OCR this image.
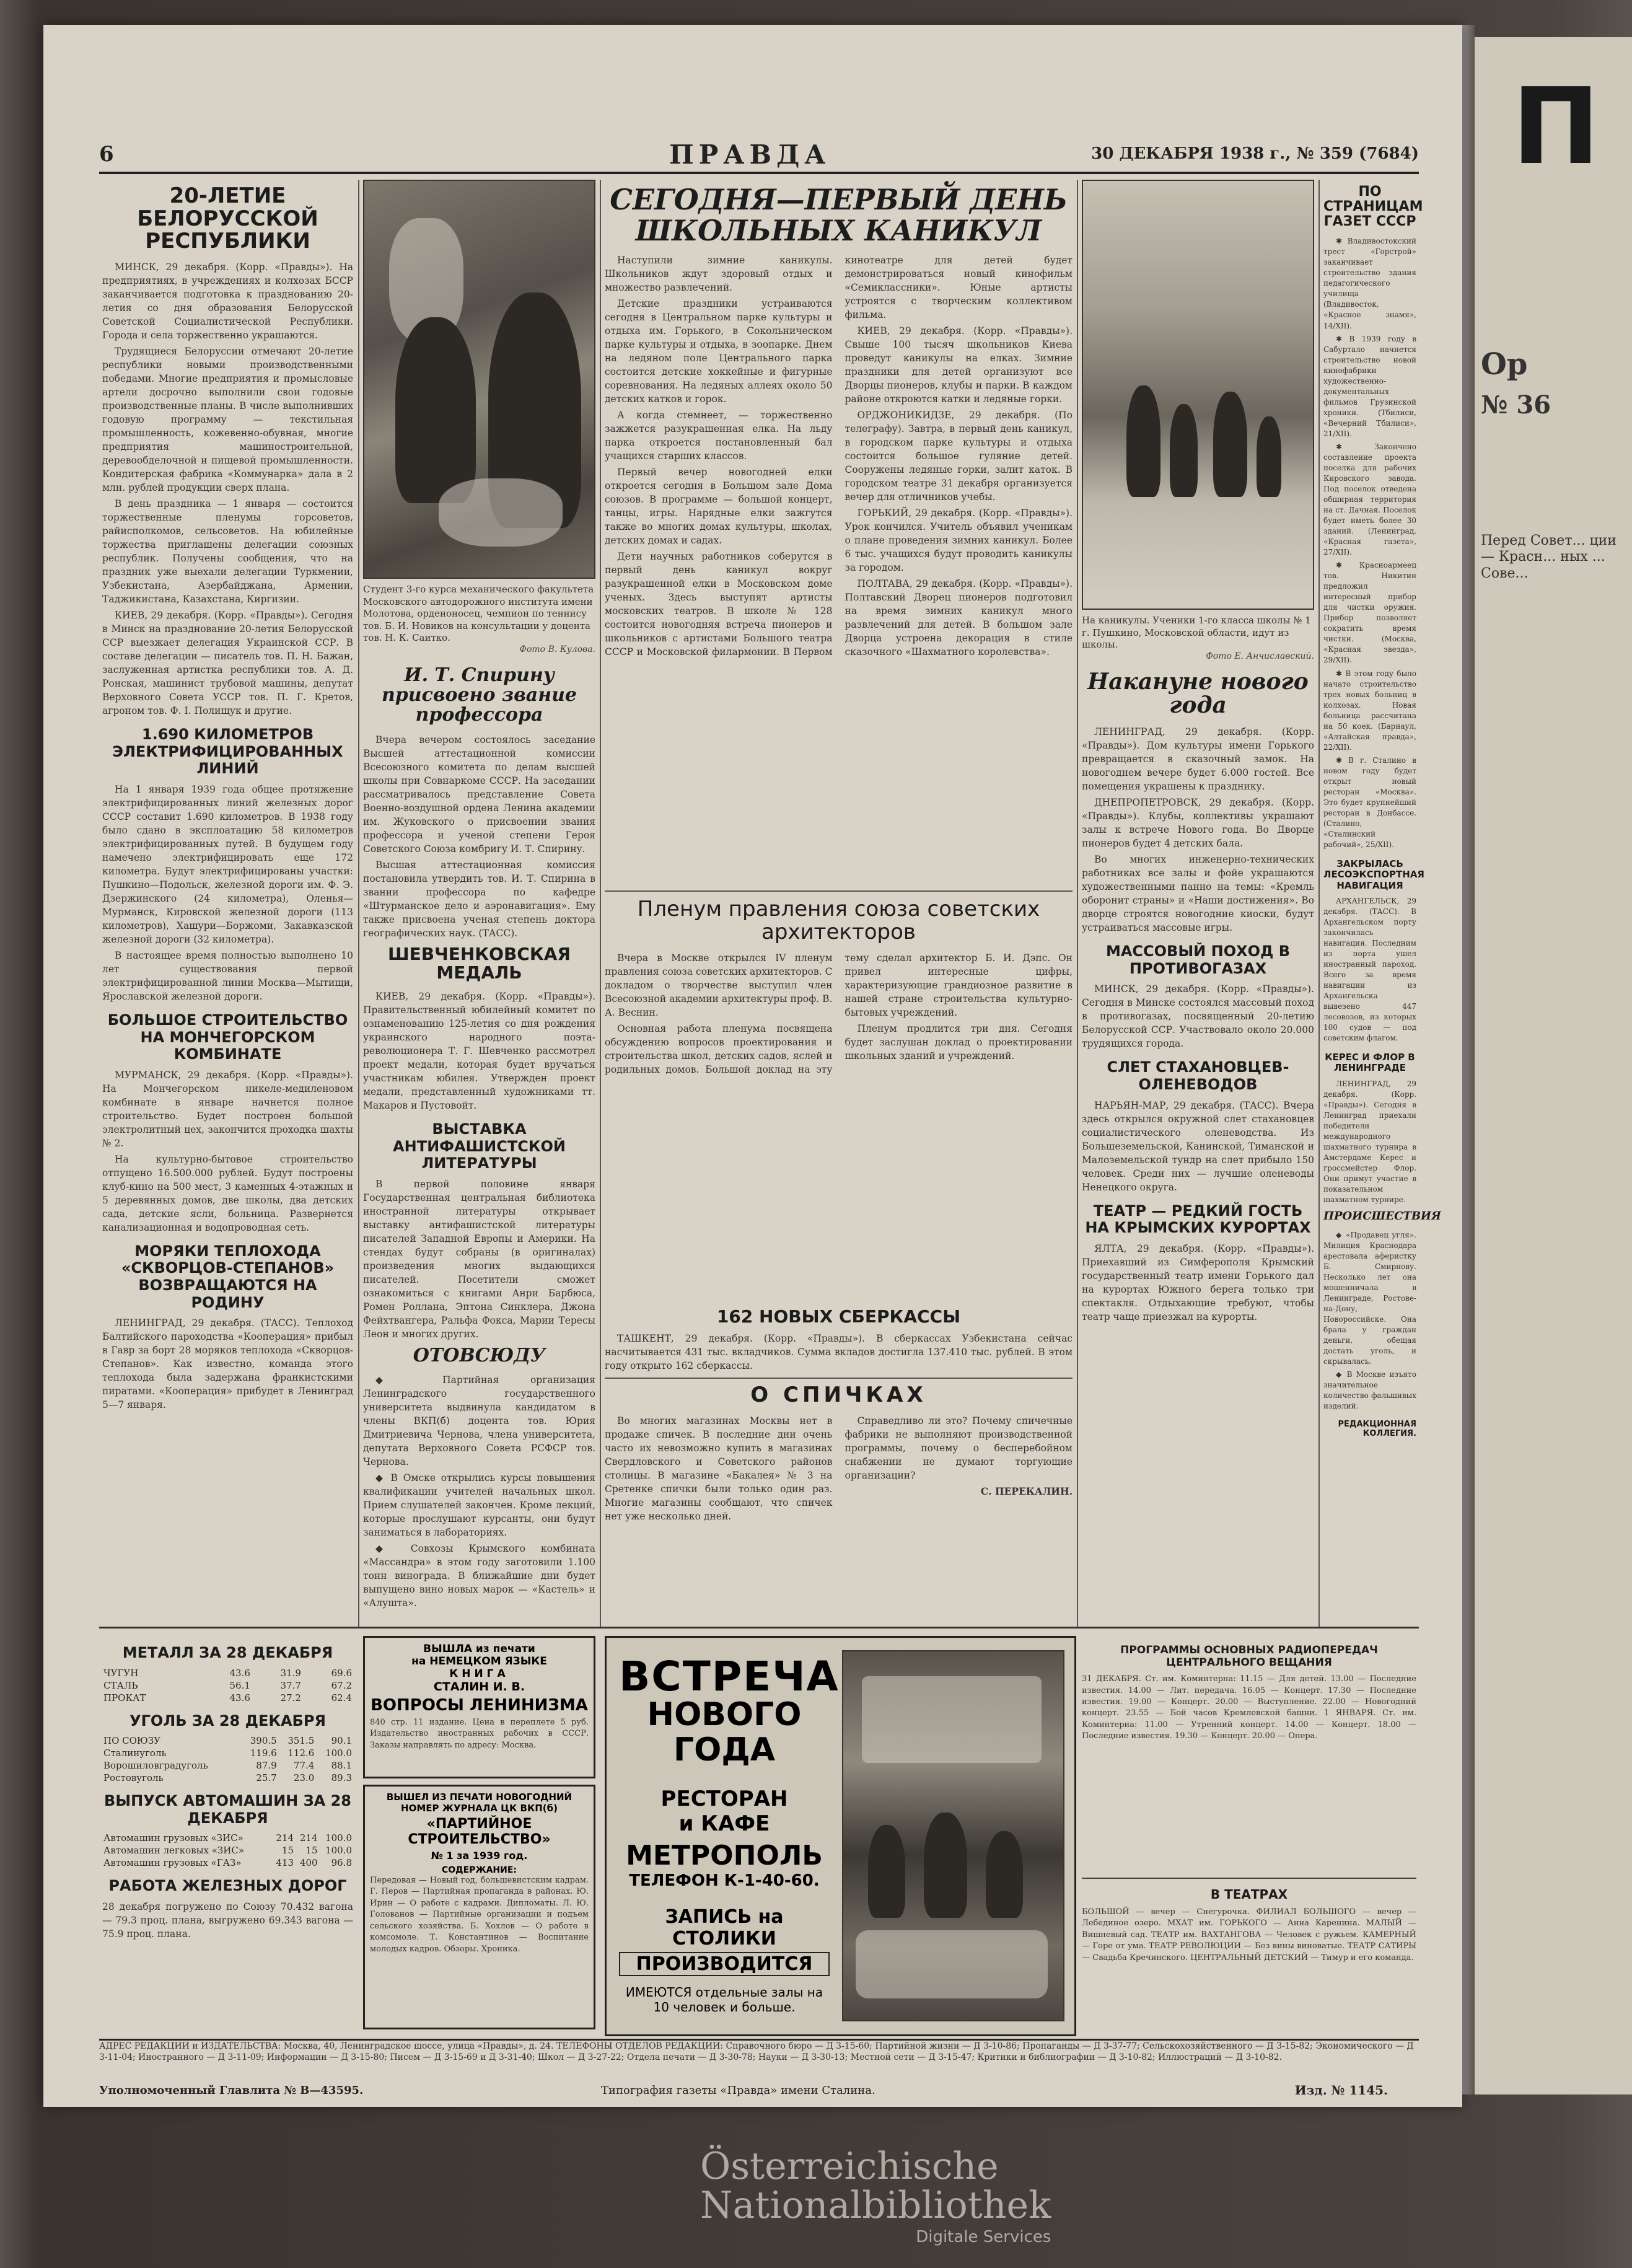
П
Ор
№ 36
Перед Совет... ции — Красн... ных ... Сове...
6	ПРАВДА	30 ДЕКАБРЯ 1938 г., № 359 (7684)
20-ЛЕТИЕ БЕЛОРУССКОЙ РЕСПУБЛИКИ

МИНСК, 29 декабря. (Корр. «Правды»). На предприятиях, в учреждениях и колхозах БССР заканчивается подготовка к празднованию 20-летия со дня образования Белорусской Советской Социалистической Республики. Города и села торжественно украшаются.

Трудящиеся Белоруссии отмечают 20-летие республики новыми производственными победами. Многие предприятия и промысловые артели досрочно выполнили свои годовые производственные планы. В числе выполнивших годовую программу — текстильная промышленность, кожевенно-обувная, многие предприятия машиностроительной, деревообделочной и пищевой промышленности. Кондитерская фабрика «Коммунарка» дала в 2 млн. рублей продукции сверх плана.

В день праздника — 1 января — состоится торжественные пленумы горсоветов, райисполкомов, сельсоветов. На юбилейные торжества приглашены делегации союзных республик. Получены сообщения, что на праздник уже выехали делегации Туркмении, Узбекистана, Азербайджана, Армении, Таджикистана, Казахстана, Киргизии.

КИЕВ, 29 декабря. (Корр. «Правды»). Сегодня в Минск на празднование 20-летия Белорусской ССР выезжает делегация Украинской ССР. В составе делегации — писатель тов. П. Н. Бажан, заслуженная артистка республики тов. А. Д. Ронская, машинист трубовой машины, депутат Верховного Совета УССР тов. П. Г. Кретов, агроном тов. Ф. І. Полищук и другие.

1.690 КИЛОМЕТРОВ ЭЛЕКТРИФИЦИРОВАННЫХ ЛИНИЙ

На 1 января 1939 года общее протяжение электрифицированных линий железных дорог СССР составит 1.690 километров. В 1938 году было сдано в эксплоатацию 58 километров электрифицированных путей. В будущем году намечено электрифицировать еще 172 километра. Будут электрифицированы участки: Пушкино—Подольск, железной дороги им. Ф. Э. Дзержинского (24 километра), Оленья—Мурманск, Кировской железной дороги (113 километров), Хашури—Боржоми, Закавказской железной дороги (32 километра).

В настоящее время полностью выполнено 10 лет существования первой электрифицированной линии Москва—Мытищи, Ярославской железной дороги.

БОЛЬШОЕ СТРОИТЕЛЬСТВО НА МОНЧЕГОРСКОМ КОМБИНАТЕ

МУРМАНСК, 29 декабря. (Корр. «Правды»). На Мончегорском никеле-медиленовом комбинате в январе начнется полное строительство. Будет построен большой электролитный цех, закончится проходка шахты № 2.

На культурно-бытовое строительство отпущено 16.500.000 рублей. Будут построены клуб-кино на 500 мест, 3 каменных 4-этажных и 5 деревянных домов, две школы, два детских сада, детские ясли, больница. Развернется канализационная и водопроводная сеть.

МОРЯКИ ТЕПЛОХОДА «СКВОРЦОВ-СТЕПАНОВ» ВОЗВРАЩАЮТСЯ НА РОДИНУ

ЛЕНИНГРАД, 29 декабря. (ТАСС). Теплоход Балтийского пароходства «Кооперация» прибыл в Гавр за борт 28 моряков теплохода «Скворцов-Степанов». Как известно, команда этого теплохода была задержана франкистскими пиратами. «Кооперация» прибудет в Ленинград 5—7 января.

МЕТАЛЛ ЗА 28 ДЕКАБРЯ
ЧУГУН	43.6	31.9	69.6
СТАЛЬ	56.1	37.7	67.2
ПРОКАТ	43.6	27.2	62.4
УГОЛЬ ЗА 28 ДЕКАБРЯ
ПО СОЮЗУ	390.5	351.5	90.1
Сталинуголь	119.6	112.6	100.0
Ворошиловградуголь	87.9	77.4	88.1
Ростовуголь	25.7	23.0	89.3
ВЫПУСК АВТОМАШИН ЗА 28 ДЕКАБРЯ
Автомашин грузовых «ЗИС»	214	214	100.0
Автомашин легковых «ЗИС»	15	15	100.0
Автомашин грузовых «ГАЗ»	413	400	96.8
РАБОТА ЖЕЛЕЗНЫХ ДОРОГ
28 декабря погружено по Союзу 70.432 вагона — 79.3 проц. плана, выгружено 69.343 вагона — 75.9 проц. плана.
Студент 3-го курса механического факультета Московского автодорожного института имени Молотова, орденоносец, чемпион по теннису тов. Б. И. Новиков на консультации у доцента тов. Н. К. Саитко.
Фото В. Кулова.
И. Т. Спирину присвоено звание профессора

Вчера вечером состоялось заседание Высшей аттестационной комиссии Всесоюзного комитета по делам высшей школы при Совнаркоме СССР. На заседании рассматривалось представление Совета Военно-воздушной ордена Ленина академии им. Жуковского о присвоении звания профессора и ученой степени Героя Советского Союза комбригу И. Т. Спирину.

Высшая аттестационная комиссия постановила утвердить тов. И. Т. Спирина в звании профессора по кафедре «Штурманское дело и аэронавигация». Ему также присвоена ученая степень доктора географических наук. (ТАСС).

ШЕВЧЕНКОВСКАЯ МЕДАЛЬ

КИЕВ, 29 декабря. (Корр. «Правды»). Правительственный юбилейный комитет по ознаменованию 125-летия со дня рождения украинского народного поэта-революционера Т. Г. Шевченко рассмотрел проект медали, которая будет вручаться участникам юбилея. Утвержден проект медали, представленный художниками тт. Макаров и Пустовойт.

ВЫСТАВКА АНТИФАШИСТСКОЙ ЛИТЕРАТУРЫ

В первой половине января Государственная центральная библиотека иностранной литературы открывает выставку антифашистской литературы писателей Западной Европы и Америки. На стендах будут собраны (в оригиналах) произведения многих выдающихся писателей. Посетители сможет ознакомиться с книгами Анри Барбюса, Ромен Роллана, Эптона Синклера, Джона Фейхтвангера, Ральфа Фокса, Марии Тересы Леон и многих других.

ОТОВСЮДУ

◆ Партийная организация Ленинградского государственного университета выдвинула кандидатом в члены ВКП(б) доцента тов. Юрия Дмитриевича Чернова, члена университета, депутата Верховного Совета РСФСР тов. Чернова.

◆ В Омске открылись курсы повышения квалификации учителей начальных школ. Прием слушателей закончен. Кроме лекций, которые прослушают курсанты, они будут заниматься в лабораториях.

◆ Совхозы Крымского комбината «Массандра» в этом году заготовили 1.100 тонн винограда. В ближайшие дни будет выпущено вино новых марок — «Кастель» и «Алушта».

СЕГОДНЯ—ПЕРВЫЙ ДЕНЬ ШКОЛЬНЫХ КАНИКУЛ

Наступили зимние каникулы. Школьников ждут здоровый отдых и множество развлечений.

Детские праздники устраиваются сегодня в Центральном парке культуры и отдыха им. Горького, в Сокольническом парке культуры и отдыха, в зоопарке. Днем на ледяном поле Центрального парка состоится детские хоккейные и фигурные соревнования. На ледяных аллеях около 50 детских катков и горок.

А когда стемнеет, — торжественно зажжется разукрашенная елка. На льду парка откроется постановленный бал учащихся старших классов.

Первый вечер новогодней елки откроется сегодня в Большом зале Дома союзов. В программе — большой концерт, танцы, игры. Нарядные елки зажгутся также во многих домах культуры, школах, детских домах и садах.

Дети научных работников соберутся в первый день каникул вокруг разукрашенной елки в Московском доме ученых. Здесь выступят артисты московских театров. В школе № 128 состоится новогодняя встреча пионеров и школьников с артистами Большого театра СССР и Московской филармонии. В Первом кинотеатре для детей будет демонстрироваться новый кинофильм «Семиклассники». Юные артисты устроятся с творческим коллективом фильма.

КИЕВ, 29 декабря. (Корр. «Правды»). Свыше 100 тысяч школьников Киева проведут каникулы на елках. Зимние праздники для детей организуют все Дворцы пионеров, клубы и парки. В каждом районе откроются катки и ледяные горки.

ОРДЖОНИКИДЗЕ, 29 декабря. (По телеграфу). Завтра, в первый день каникул, в городском парке культуры и отдыха состоится большое гуляние детей. Сооружены ледяные горки, залит каток. В городском театре 31 декабря организуется вечер для отличников учебы.

ГОРЬКИЙ, 29 декабря. (Корр. «Правды»). Урок кончился. Учитель объявил ученикам о плане проведения зимних каникул. Более 6 тыс. учащихся будут проводить каникулы за городом.

ПОЛТАВА, 29 декабря. (Корр. «Правды»). Полтавский Дворец пионеров подготовил на время зимних каникул много развлечений для детей. В большом зале Дворца устроена декорация в стиле сказочного «Шахматного королевства».

Пленум правления союза советских архитекторов

Вчера в Москве открылся IV пленум правления союза советских архитекторов. С докладом о творчестве выступил член Всесоюзной академии архитектуры проф. В. А. Веснин.

Основная работа пленума посвящена обсуждению вопросов проектирования и строительства школ, детских садов, яслей и родильных домов. Большой доклад на эту тему сделал архитектор Б. И. Дэпс. Он привел интересные цифры, характеризующие грандиозное развитие в нашей стране строительства культурно-бытовых учреждений.

Пленум продлится три дня. Сегодня будет заслушан доклад о проектировании школьных зданий и учреждений.

162 НОВЫХ СБЕРКАССЫ

ТАШКЕНТ, 29 декабря. (Корр. «Правды»). В сберкассах Узбекистана сейчас насчитывается 431 тыс. вкладчиков. Сумма вкладов достигла 137.410 тыс. рублей. В этом году открыто 162 сберкассы.

О СПИЧКАХ

Во многих магазинах Москвы нет в продаже спичек. В последние дни очень часто их невозможно купить в магазинах Свердловского и Советского районов столицы. В магазине «Бакалея» № 3 на Сретенке спички были только один раз. Многие магазины сообщают, что спичек нет уже несколько дней.

Справедливо ли это? Почему спичечные фабрики не выполняют производственной программы, почему о бесперебойном снабжении не думают торгующие организации?

С. ПЕРЕКАЛИН.

На каникулы. Ученики 1-го класса школы № 1 г. Пушкино, Московской области, идут из школы.
Фото Е. Анчиславский.
Накануне нового года

ЛЕНИНГРАД, 29 декабря. (Корр. «Правды»). Дом культуры имени Горького превращается в сказочный замок. На новогоднем вечере будет 6.000 гостей. Все помещения украшены к празднику.

ДНЕПРОПЕТРОВСК, 29 декабря. (Корр. «Правды»). Клубы, коллективы украшают залы к встрече Нового года. Во Дворце пионеров будет 4 детских бала.

Во многих инженерно-технических работниках все залы и фойе украшаются художественными панно на темы: «Кремль оборонит страны» и «Наши достижения». Во дворце строятся новогодние киоски, будут устраиваться массовые игры.

МАССОВЫЙ ПОХОД В ПРОТИВОГАЗАХ

МИНСК, 29 декабря. (Корр. «Правды»). Сегодня в Минске состоялся массовый поход в противогазах, посвященный 20-летию Белорусской ССР. Участвовало около 20.000 трудящихся города.

СЛЕТ СТАХАНОВЦЕВ-ОЛЕНЕВОДОВ

НАРЬЯН-МАР, 29 декабря. (ТАСС). Вчера здесь открылся окружной слет стахановцев социалистического оленеводства. Из Большеземельской, Канинской, Тиманской и Малоземельской тундр на слет прибыло 150 человек. Среди них — лучшие оленеводы Ненецкого округа.

ТЕАТР — РЕДКИЙ ГОСТЬ НА КРЫМСКИХ КУРОРТАХ

ЯЛТА, 29 декабря. (Корр. «Правды»). Приехавший из Симферополя Крымский государственный театр имени Горького дал на курортах Южного берега только три спектакля. Отдыхающие требуют, чтобы театр чаще приезжал на курорты.

ПО СТРАНИЦАМ ГАЗЕТ СССР

✱ Владивостокский трест «Горстрой» заканчивает строительство здания педагогического училища (Владивосток, «Красное знамя», 14/XII).

✱ В 1939 году в Сабуртало начнется строительство новой кинофабрики художественно-документальных фильмов Грузинской хроники. (Тбилиси, «Вечерний Тбилиси», 21/XII).

✱ Закончено составление проекта поселка для рабочих Кировского завода. Под поселок отведена обширная территория на ст. Дачная. Поселок будет иметь более 30 зданий. (Ленинград, «Красная газета», 27/XII).

✱ Красноармеец тов. Никитин предложил интересный прибор для чистки оружия. Прибор позволяет сократить время чистки. (Москва, «Красная звезда», 29/XII).

✱ В этом году было начато строительство трех новых больниц в колхозах. Новая больница рассчитана на 50 коек. (Барнаул, «Алтайская правда», 22/XII).

✱ В г. Сталино в новом году будет открыт новый ресторан «Москва». Это будет крупнейший ресторан в Донбассе. (Сталино, «Сталинский рабочий», 25/XII).

ЗАКРЫЛАСЬ ЛЕСОЭКСПОРТНАЯ НАВИГАЦИЯ

АРХАНГЕЛЬСК, 29 декабря. (ТАСС). В Архангельском порту закончилась навигация. Последним из порта ушел иностранный пароход. Всего за время навигации из Архангельска вывезено 447 лесовозов, из которых 100 судов — под советским флагом.

КЕРЕС И ФЛОР В ЛЕНИНГРАДЕ

ЛЕНИНГРАД, 29 декабря. (Корр. «Правды»). Сегодня в Ленинград приехали победители международного шахматного турнира в Амстердаме Керес и гроссмейстер Флор. Они примут участие в показательном шахматном турнире.

ПРОИСШЕСТВИЯ

◆ «Продавец угля». Милиция Краснодара арестовала аферистку Б. Смирнову. Несколько лет она мошенничала в Ленинграде, Ростове-на-Дону, Новороссийске. Она брала у граждан деньги, обещая достать уголь, и скрывалась.

◆ В Москве изъято значительное количество фальшивых изделий.

РЕДАКЦИОННАЯ КОЛЛЕГИЯ.
ВЫШЛА из печати
на НЕМЕЦКОМ ЯЗЫКЕ
КНИГА
СТАЛИН И. В.
ВОПРОСЫ ЛЕНИНИЗМА
840 стр. 11 издание. Цена в переплете 5 руб. Издательство иностранных рабочих в СССР. Заказы направлять по адресу: Москва.
ВЫШЕЛ ИЗ ПЕЧАТИ НОВОГОДНИЙ НОМЕР ЖУРНАЛА ЦК ВКП(б)
«ПАРТИЙНОЕ СТРОИТЕЛЬСТВО»
№ 1 за 1939 год.
СОДЕРЖАНИЕ:
Передовая — Новый год, большевистским кадрам. Г. Перов — Партийная пропаганда в районах. Ю. Ирин — О работе с кадрами. Дипломаты. Л. Ю. Голованов — Партийные организации и подъем сельского хозяйства. Б. Хохлов — О работе в комсомоле. Т. Константинов — Воспитание молодых кадров. Обзоры. Хроника.
ВСТРЕЧА
НОВОГО ГОДА
РЕСТОРАН
и КАФЕ
МЕТРОПОЛЬ
ТЕЛЕФОН К-1-40-60.
ЗАПИСЬ на СТОЛИКИ
ПРОИЗВОДИТСЯ
ИМЕЮТСЯ отдельные залы на 10 человек и больше.
ПРОГРАММЫ ОСНОВНЫХ РАДИОПЕРЕДАЧ ЦЕНТРАЛЬНОГО ВЕЩАНИЯ
31 ДЕКАБРЯ. Ст. им. Коминтерна: 11.15 — Для детей. 13.00 — Последние известия. 14.00 — Лит. передача. 16.05 — Концерт. 17.30 — Последние известия. 19.00 — Концерт. 20.00 — Выступление. 22.00 — Новогодний концерт. 23.55 — Бой часов Кремлевской башни. 1 ЯНВАРЯ. Ст. им. Коминтерна: 11.00 — Утренний концерт. 14.00 — Концерт. 18.00 — Последние известия. 19.30 — Концерт. 20.00 — Опера.
В ТЕАТРАХ
БОЛЬШОЙ — вечер — Снегурочка. ФИЛИАЛ БОЛЬШОГО — вечер — Лебединое озеро. МХАТ им. ГОРЬКОГО — Анна Каренина. МАЛЫЙ — Вишневый сад. ТЕАТР им. ВАХТАНГОВА — Человек с ружьем. КАМЕРНЫЙ — Горе от ума. ТЕАТР РЕВОЛЮЦИИ — Без вины виноватые. ТЕАТР САТИРЫ — Свадьба Кречинского. ЦЕНТРАЛЬНЫЙ ДЕТСКИЙ — Тимур и его команда.
АДРЕС РЕДАКЦИИ и ИЗДАТЕЛЬСТВА: Москва, 40, Ленинградское шоссе, улица «Правды», д. 24. ТЕЛЕФОНЫ ОТДЕЛОВ РЕДАКЦИИ: Справочного бюро — Д 3-15-60; Партийной жизни — Д 3-10-86; Пропаганды — Д 3-37-77; Сельскохозяйственного — Д 3-15-82; Экономического — Д 3-11-04; Иностранного — Д 3-11-09; Информации — Д 3-15-80; Писем — Д 3-15-69 и Д 3-31-40; Школ — Д 3-27-22; Отдела печати — Д 3-30-78; Науки — Д 3-30-13; Местной сети — Д 3-15-47; Критики и библиографии — Д 3-10-82; Иллюстраций — Д 3-10-82.
Уполномоченный Главлита № В—43595.	Типография газеты «Правда» имени Сталина.	Изд. № 1145.
Österreichische
Nationalbibliothek
Digitale Services
